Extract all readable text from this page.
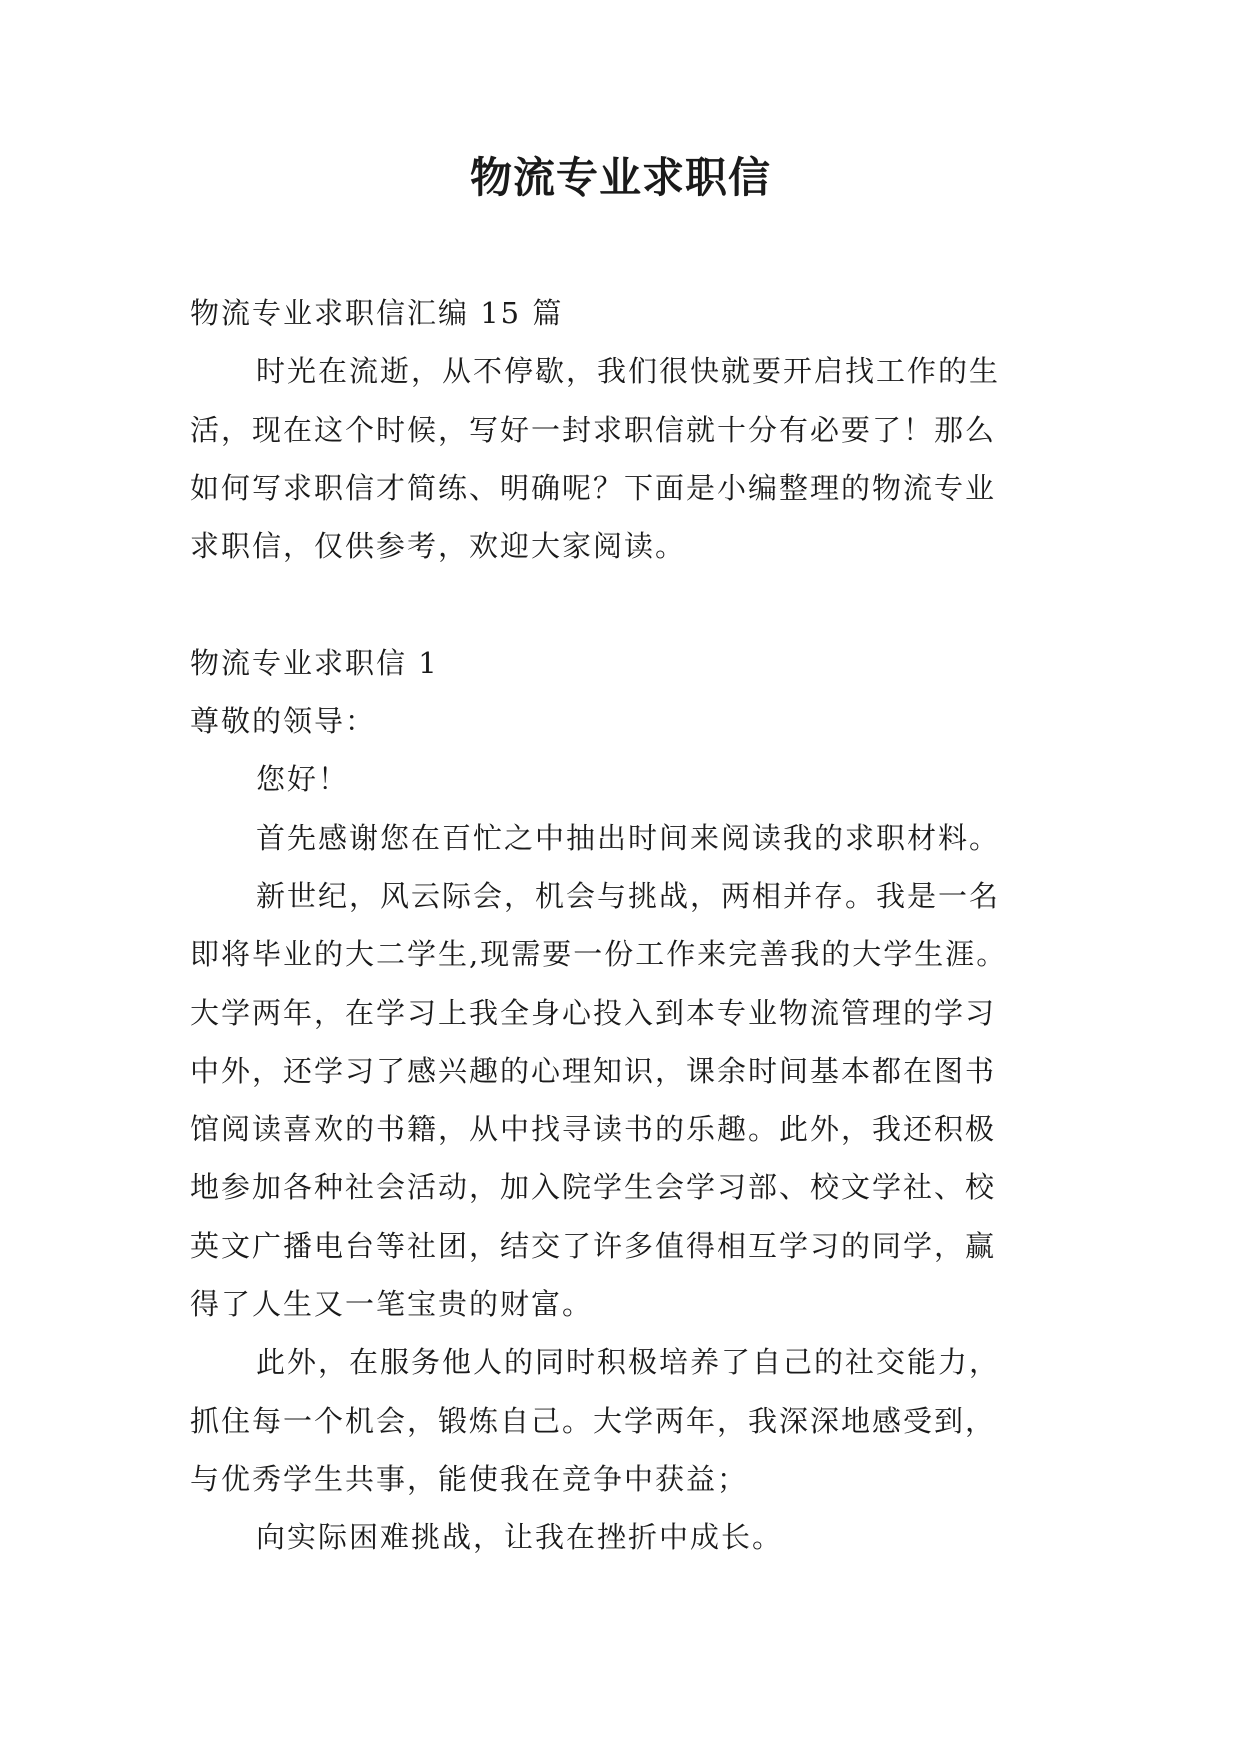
物流专业求职信
物流专业求职信汇编 15 篇
时光在流逝，从不停歇，我们很快就要开启找工作的生
活，现在这个时候，写好一封求职信就十分有必要了！那么
如何写求职信才简练、明确呢？下面是小编整理的物流专业
求职信，仅供参考，欢迎大家阅读。
物流专业求职信 1
尊敬的领导：
您好！
首先感谢您在百忙之中抽出时间来阅读我的求职材料。
新世纪，风云际会，机会与挑战，两相并存。我是一名
即将毕业的大二学生,现需要一份工作来完善我的大学生涯。
大学两年，在学习上我全身心投入到本专业物流管理的学习
中外，还学习了感兴趣的心理知识，课余时间基本都在图书
馆阅读喜欢的书籍，从中找寻读书的乐趣。此外，我还积极
地参加各种社会活动，加入院学生会学习部、校文学社、校
英文广播电台等社团，结交了许多值得相互学习的同学，赢
得了人生又一笔宝贵的财富。
此外，在服务他人的同时积极培养了自己的社交能力，
抓住每一个机会，锻炼自己。大学两年，我深深地感受到，
与优秀学生共事，能使我在竞争中获益；
向实际困难挑战，让我在挫折中成长。
